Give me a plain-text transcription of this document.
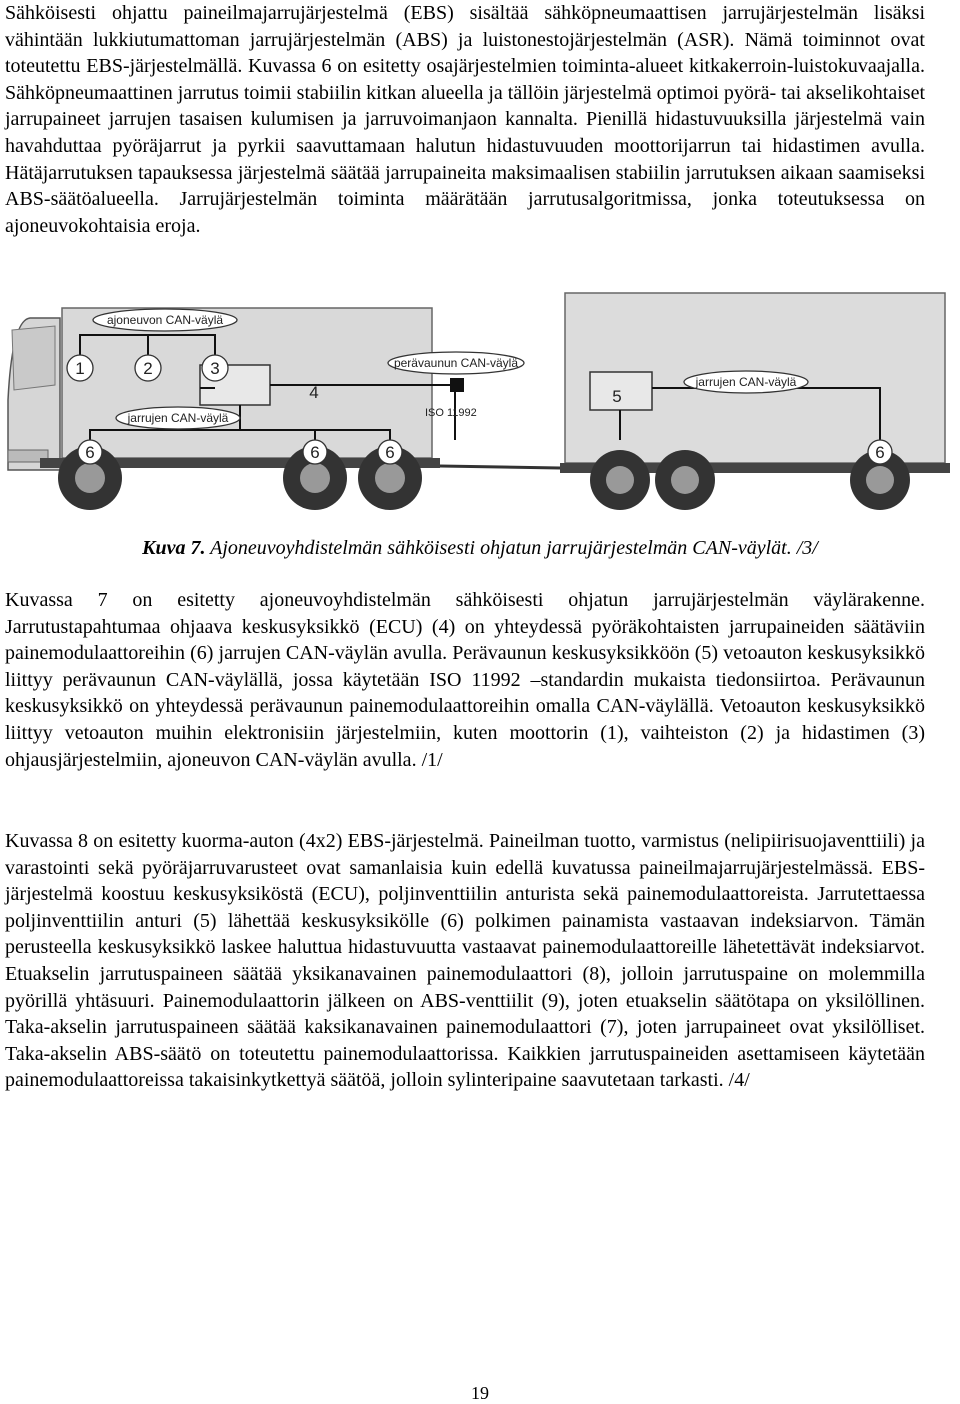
Sähköisesti ohjattu paineilmajarrujärjestelmä (EBS) sisältää sähköpneumaattisen jarrujärjestelmän lisäksi vähintään lukkiutumattoman jarrujärjestelmän (ABS) ja luistonestojärjestelmän (ASR). Nämä toiminnot ovat toteutettu EBS-järjestelmällä. Kuvassa 6 on esitetty osajärjestelmien toiminta-alueet kitkakerroin-luistokuvaajalla. Sähköpneumaattinen jarrutus toimii stabiilin kitkan alueella ja tällöin järjestelmä optimoi pyörä- tai akselikohtaiset jarrupaineet jarrujen tasaisen kulumisen ja jarruvoimanjaon kannalta. Pienillä hidastuvuuksilla järjestelmä vain havahduttaa pyöräjarrut ja pyrkii saavuttamaan halutun hidastuvuuden moottorijarrun tai hidastimen avulla. Hätäjarrutuksen tapauksessa järjestelmä säätää jarrupaineita maksimaalisen stabiilin jarrutuksen aikaan saamiseksi ABS-säätöalueella. Jarrujärjestelmän toiminta määrätään jarrutusalgoritmissa, jonka toteutuksessa on ajoneuvokohtaisia eroja.

ajoneuvon CAN-väylä
jarrujen CAN-väylä
perävaunun CAN-väylä
jarrujen CAN-väylä
ISO 11992
1	2	3
4	5
6	6	6	6

Kuva 7. Ajoneuvoyhdistelmän sähköisesti ohjatun jarrujärjestelmän CAN-väylät. /3/

Kuvassa 7 on esitetty ajoneuvoyhdistelmän sähköisesti ohjatun jarrujärjestelmän väylärakenne. Jarrutustapahtumaa ohjaava keskusyksikkö (ECU) (4) on yhteydessä pyöräkohtaisten jarrupaineiden säätäviin painemodulaattoreihin (6) jarrujen CAN-väylän avulla. Perävaunun keskusyksikköön (5) vetoauton keskusyksikkö liittyy perävaunun CAN-väylällä, jossa käytetään ISO 11992 –standardin mukaista tiedonsiirtoa. Perävaunun keskusyksikkö on yhteydessä perävaunun painemodulaattoreihin omalla CAN-väylällä. Vetoauton keskusyksikkö liittyy vetoauton muihin elektronisiin järjestelmiin, kuten moottorin (1), vaihteiston (2) ja hidastimen (3) ohjausjärjestelmiin, ajoneuvon CAN-väylän avulla. /1/

Kuvassa 8 on esitetty kuorma-auton (4x2) EBS-järjestelmä. Paineilman tuotto, varmistus (nelipiirisuojaventtiili) ja varastointi sekä pyöräjarruvarusteet ovat samanlaisia kuin edellä kuvatussa paineilmajarrujärjestelmässä. EBS-järjestelmä koostuu keskusyksiköstä (ECU), poljinventtiilin anturista sekä painemodulaattoreista. Jarrutettaessa poljinventtiilin anturi (5) lähettää keskusyksikölle (6) polkimen painamista vastaavan indeksiarvon. Tämän perusteella keskusyksikkö laskee haluttua hidastuvuutta vastaavat painemodulaattoreille lähetettävät indeksiarvot. Etuakselin jarrutuspaineen säätää yksikanavainen painemodulaattori (8), jolloin jarrutuspaine on molemmilla pyörillä yhtäsuuri. Painemodulaattorin jälkeen on ABS-venttiilit (9), joten etuakselin säätötapa on yksilöllinen. Taka-akselin jarrutuspaineen säätää kaksikanavainen painemodulaattori (7), joten jarrupaineet ovat yksilölliset. Taka-akselin ABS-säätö on toteutettu painemodulaattorissa. Kaikkien jarrutuspaineiden asettamiseen käytetään painemodulaattoreissa takaisinkytkettyä säätöä, jolloin sylinteripaine saavutetaan tarkasti. /4/

19
